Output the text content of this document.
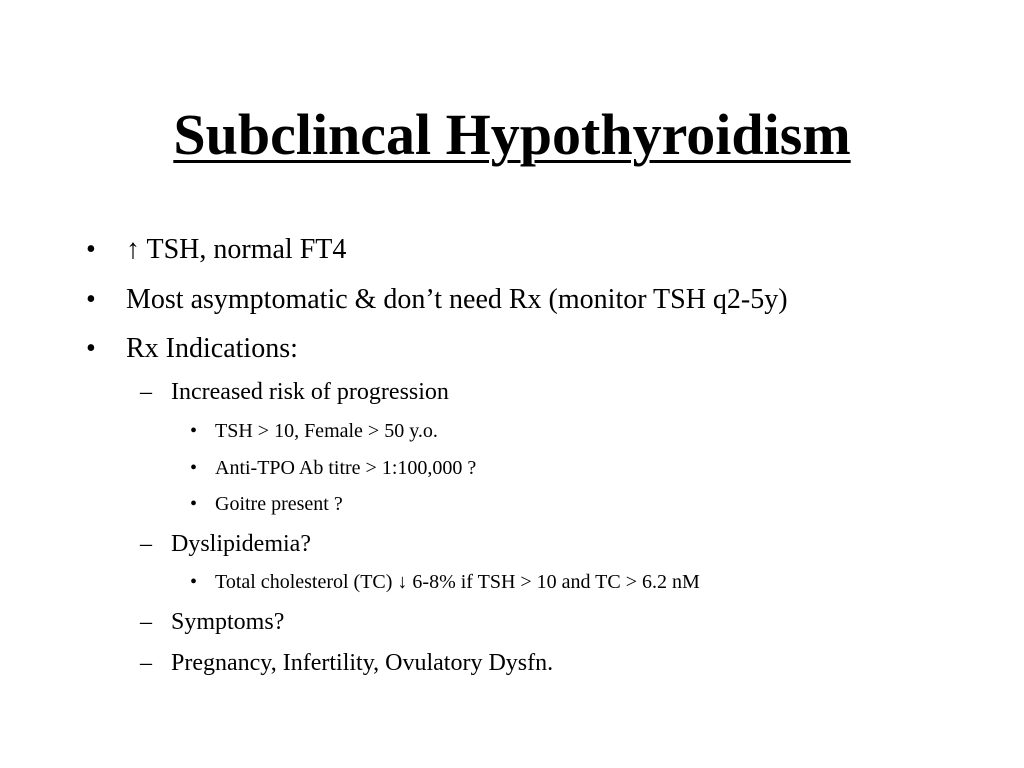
Subclincal Hypothyroidism
• ↑ TSH, normal FT4
• Most asymptomatic & don’t need Rx (monitor TSH q2-5y)
• Rx Indications:
– Increased risk of progression
• TSH > 10, Female > 50 y.o.
• Anti-TPO Ab titre > 1:100,000 ?
• Goitre present ?
– Dyslipidemia?
• Total cholesterol (TC) ↓ 6-8% if TSH > 10 and TC > 6.2 nM
– Symptoms?
– Pregnancy, Infertility, Ovulatory Dysfn.
